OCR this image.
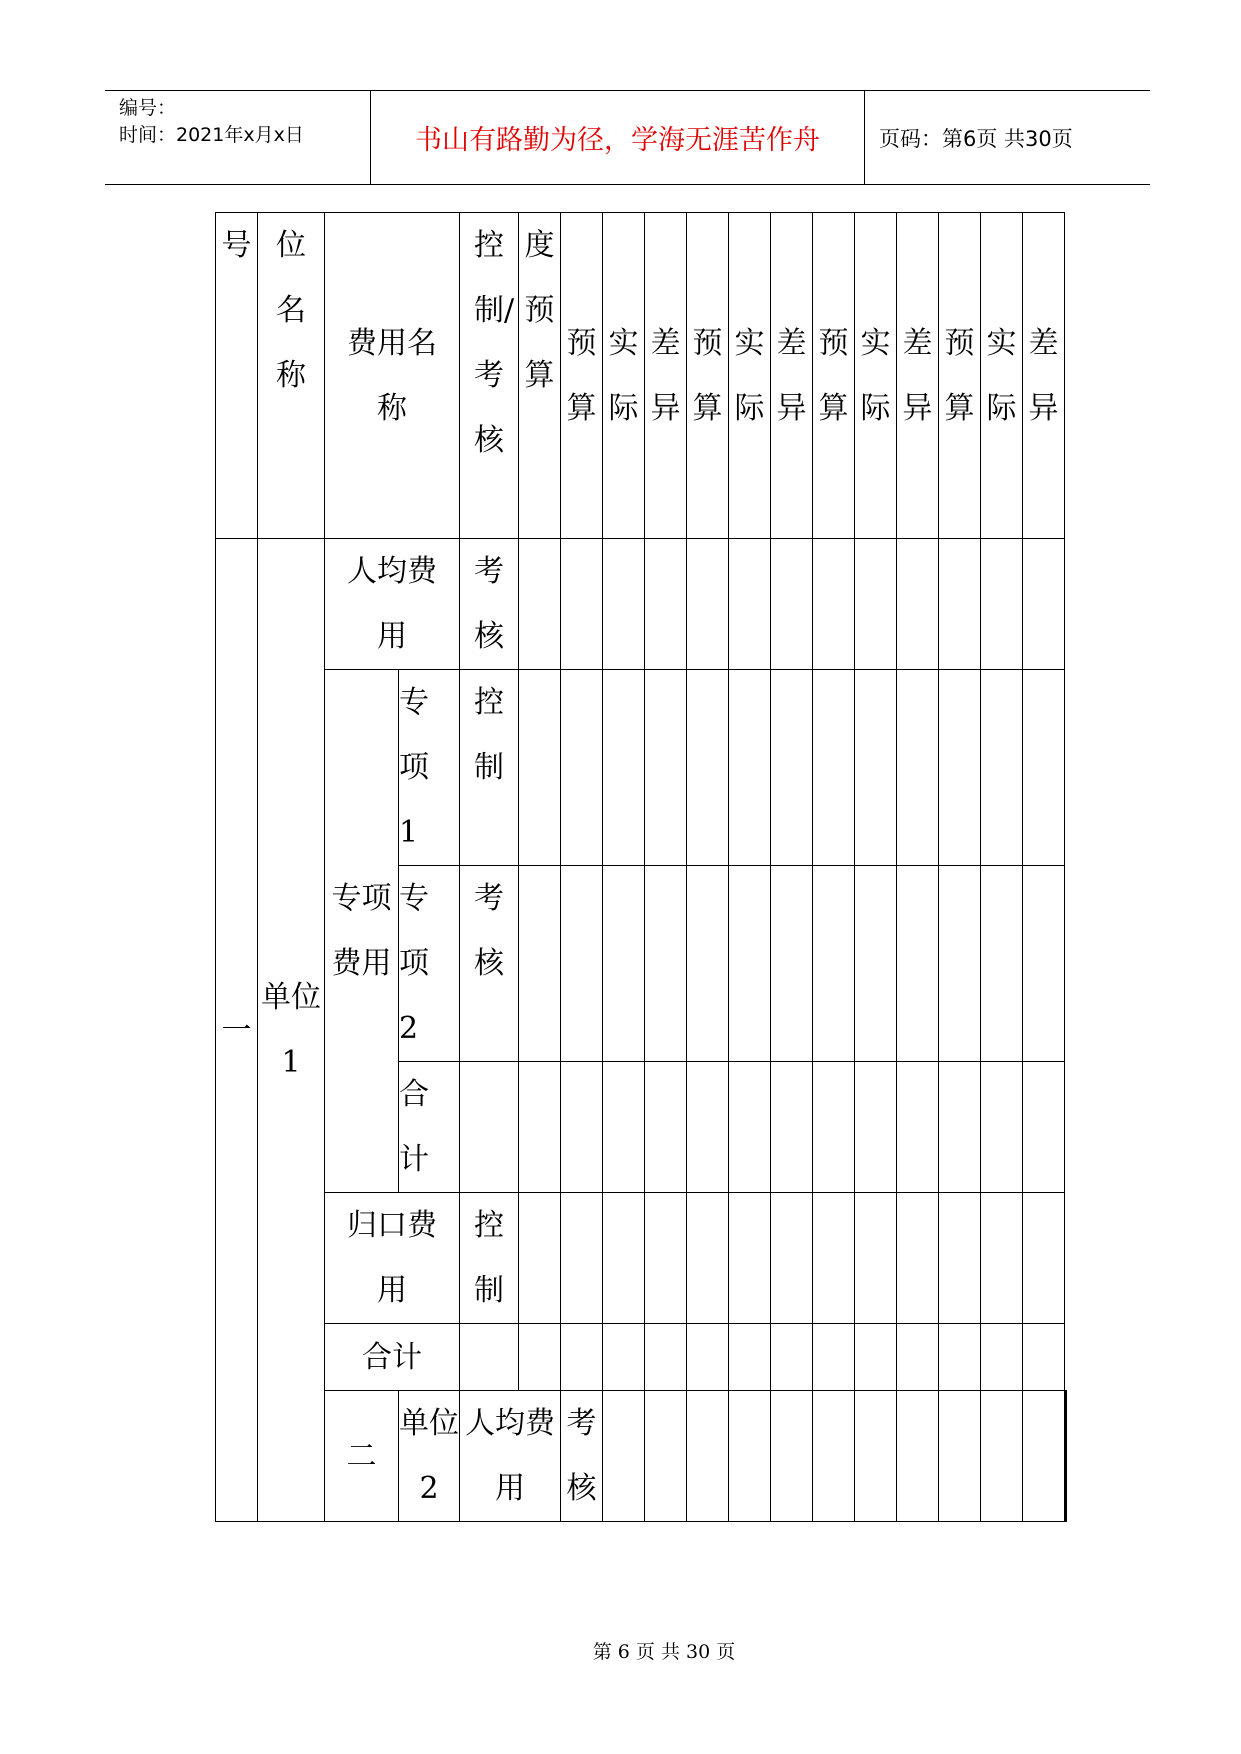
编号：
时间：2021年x月x日	书山有路勤为径，学海无涯苦作舟	页码：第6页 共30页
号	位名称	费用名称		控制/考核	度预算	预算	实际	差异	预算	实际	差异	预算	实际	差异	预算	实际	差异	

一	单位1	人均费用		考核														

		专项费用	专项1	控制														

			专项2	考核														

			合计															

		归口费用		控制														

		合计																

		二	单位2	人均费用		考核												

第 6 页 共 30 页
